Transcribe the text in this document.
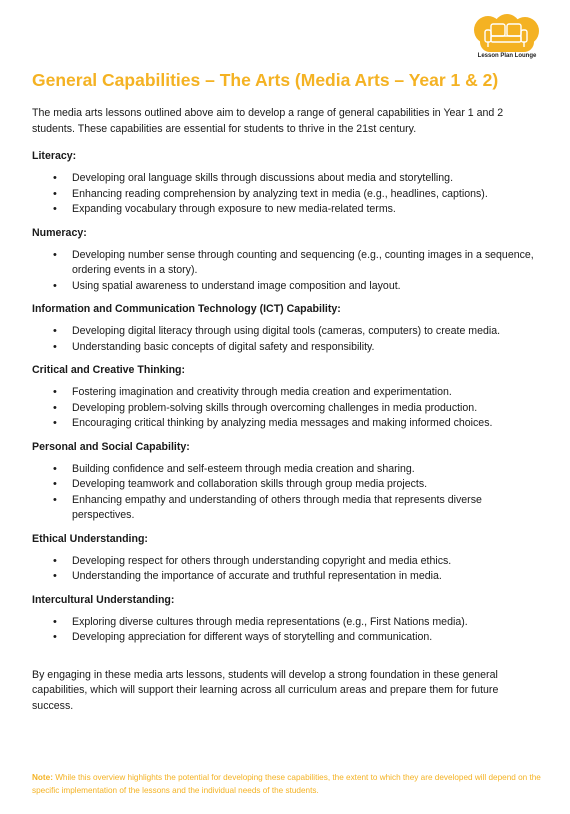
Lesson Plan Lounge
General Capabilities – The Arts (Media Arts – Year 1 & 2)

The media arts lessons outlined above aim to develop a range of general capabilities in Year 1 and 2 students. These capabilities are essential for students to thrive in the 21st century.

Literacy:
• Developing oral language skills through discussions about media and storytelling.
• Enhancing reading comprehension by analyzing text in media (e.g., headlines, captions).
• Expanding vocabulary through exposure to new media-related terms.
Numeracy:
• Developing number sense through counting and sequencing (e.g., counting images in a sequence, ordering events in a story).
• Using spatial awareness to understand image composition and layout.
Information and Communication Technology (ICT) Capability:
• Developing digital literacy through using digital tools (cameras, computers) to create media.
• Understanding basic concepts of digital safety and responsibility.
Critical and Creative Thinking:
• Fostering imagination and creativity through media creation and experimentation.
• Developing problem-solving skills through overcoming challenges in media production.
• Encouraging critical thinking by analyzing media messages and making informed choices.
Personal and Social Capability:
• Building confidence and self-esteem through media creation and sharing.
• Developing teamwork and collaboration skills through group media projects.
• Enhancing empathy and understanding of others through media that represents diverse perspectives.
Ethical Understanding:
• Developing respect for others through understanding copyright and media ethics.
• Understanding the importance of accurate and truthful representation in media.
Intercultural Understanding:
• Exploring diverse cultures through media representations (e.g., First Nations media).
• Developing appreciation for different ways of storytelling and communication.

By engaging in these media arts lessons, students will develop a strong foundation in these general capabilities, which will support their learning across all curriculum areas and prepare them for future success.

Note: While this overview highlights the potential for developing these capabilities, the extent to which they are developed will depend on the specific implementation of the lessons and the individual needs of the students.
